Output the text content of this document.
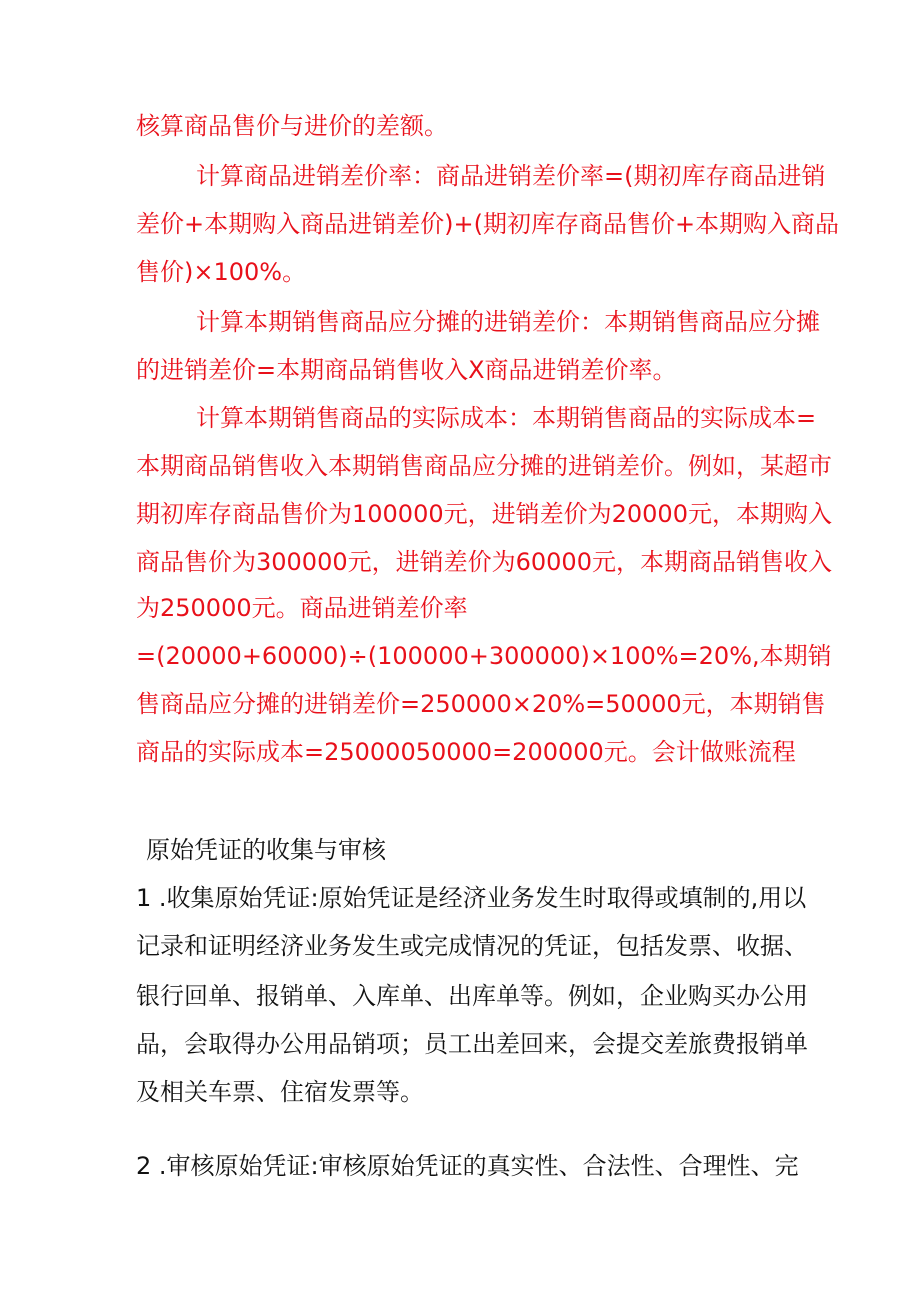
核算商品售价与进价的差额。

计算商品进销差价率：商品进销差价率=(期初库存商品进销

差价+本期购入商品进销差价)+(期初库存商品售价+本期购入商品

售价)×100%。

计算本期销售商品应分摊的进销差价：本期销售商品应分摊

的进销差价=本期商品销售收入X商品进销差价率。

计算本期销售商品的实际成本：本期销售商品的实际成本=

本期商品销售收入本期销售商品应分摊的进销差价。例如，某超市

期初库存商品售价为100000元，进销差价为20000元，本期购入

商品售价为300000元，进销差价为60000元，本期商品销售收入

为250000元。商品进销差价率

=(20000+60000)÷(100000+300000)×100%=20%,本期销

售商品应分摊的进销差价=250000×20%=50000元，本期销售

商品的实际成本=25000050000=200000元。会计做账流程

原始凭证的收集与审核

1 .收集原始凭证:原始凭证是经济业务发生时取得或填制的,用以

记录和证明经济业务发生或完成情况的凭证，包括发票、收据、

银行回单、报销单、入库单、出库单等。例如，企业购买办公用

品，会取得办公用品销项；员工出差回来，会提交差旅费报销单

及相关车票、住宿发票等。

2 .审核原始凭证:审核原始凭证的真实性、合法性、合理性、完
